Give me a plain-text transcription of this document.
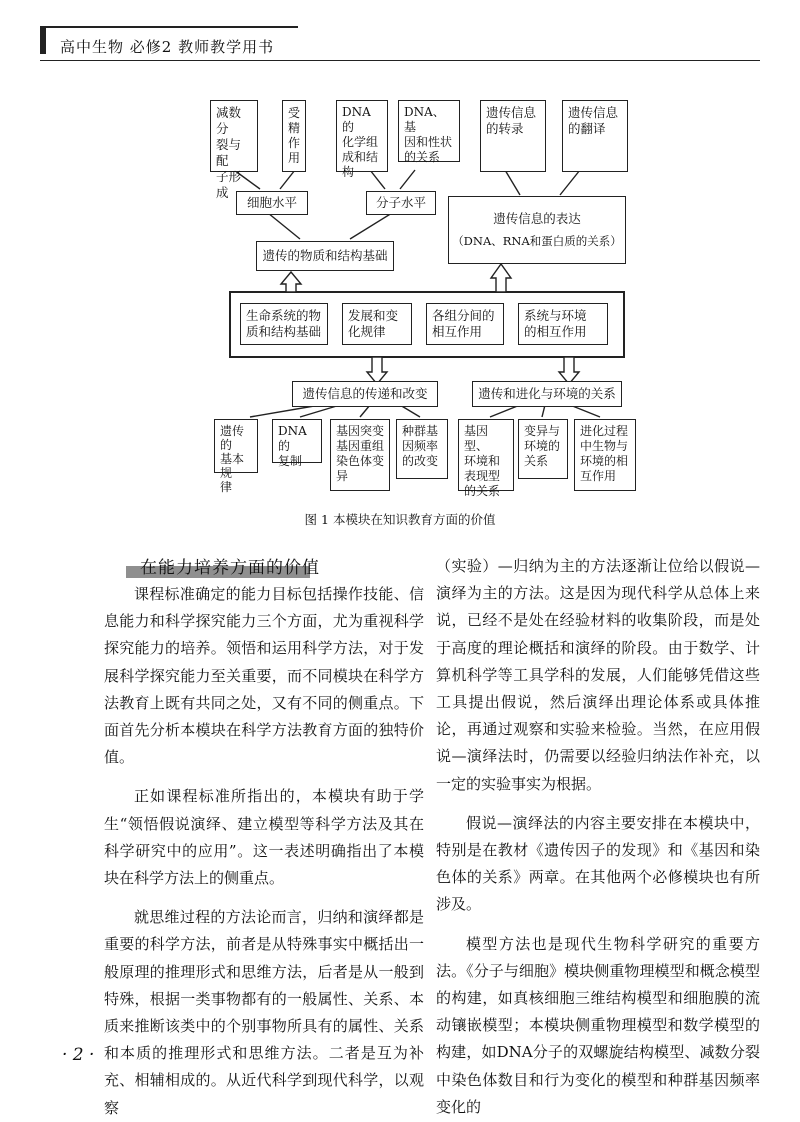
高中生物 必修2 教师教学用书
减数分
裂与配
子形成
受
精
作
用
DNA的
化学组
成和结
构
DNA、基
因和性状
的关系
遗传信息
的转录
遗传信息
的翻译
细胞水平	分子水平
遗传的物质和结构基础
遗传信息的表达
（DNA、RNA和蛋白质的关系）
生命系统的物
质和结构基础
发展和变
化规律
各组分间的
相互作用
系统与环境
的相互作用
遗传信息的传递和改变	遗传和进化与环境的关系
遗传
的
基本规
律
DNA的
复制
基因突变
基因重组
染色体变
异
种群基
因频率
的改变
基因型、
环境和
表现型
的关系
变异与
环境的
关系
进化过程
中生物与
环境的相
互作用
图 1 本模块在知识教育方面的价值
在能力培养方面的价值

课程标准确定的能力目标包括操作技能、信息能力和科学探究能力三个方面，尤为重视科学探究能力的培养。领悟和运用科学方法，对于发展科学探究能力至关重要，而不同模块在科学方法教育上既有共同之处，又有不同的侧重点。下面首先分析本模块在科学方法教育方面的独特价值。

正如课程标准所指出的，本模块有助于学生“领悟假说演绎、建立模型等科学方法及其在科学研究中的应用”。这一表述明确指出了本模块在科学方法上的侧重点。

就思维过程的方法论而言，归纳和演绎都是重要的科学方法，前者是从特殊事实中概括出一般原理的推理形式和思维方法，后者是从一般到特殊，根据一类事物都有的一般属性、关系、本质来推断该类中的个别事物所具有的属性、关系和本质的推理形式和思维方法。二者是互为补充、相辅相成的。从近代科学到现代科学，以观察

（实验）—归纳为主的方法逐渐让位给以假说—演绎为主的方法。这是因为现代科学从总体上来说，已经不是处在经验材料的收集阶段，而是处于高度的理论概括和演绎的阶段。由于数学、计算机科学等工具学科的发展，人们能够凭借这些工具提出假说，然后演绎出理论体系或具体推论，再通过观察和实验来检验。当然，在应用假说—演绎法时，仍需要以经验归纳法作补充，以一定的实验事实为根据。

假说—演绎法的内容主要安排在本模块中，特别是在教材《遗传因子的发现》和《基因和染色体的关系》两章。在其他两个必修模块也有所涉及。

模型方法也是现代生物科学研究的重要方法。《分子与细胞》模块侧重物理模型和概念模型的构建，如真核细胞三维结构模型和细胞膜的流动镶嵌模型；本模块侧重物理模型和数学模型的构建，如DNA分子的双螺旋结构模型、减数分裂中染色体数目和行为变化的模型和种群基因频率变化的

· 2 ·
